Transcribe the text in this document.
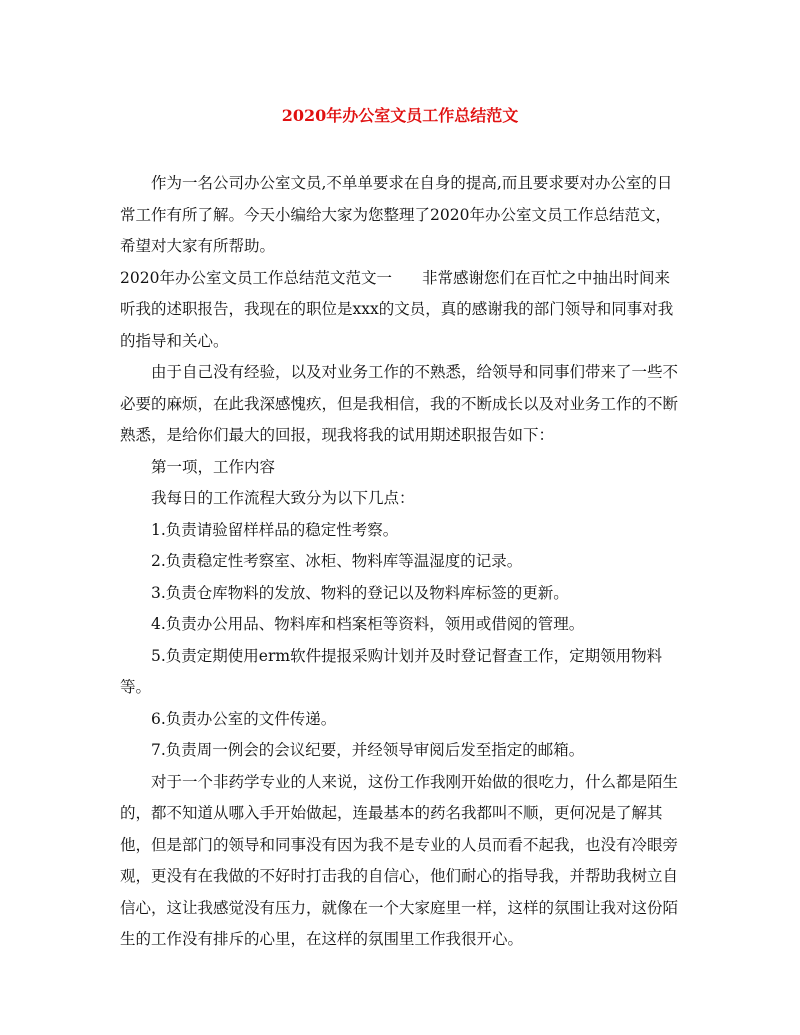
2020年办公室文员工作总结范文

作为一名公司办公室文员,不单单要求在自身的提高,而且要求要对办公室的日常工作有所了解。今天小编给大家为您整理了2020年办公室文员工作总结范文，希望对大家有所帮助。

2020年办公室文员工作总结范文范文一 非常感谢您们在百忙之中抽出时间来听我的述职报告，我现在的职位是xxx的文员，真的感谢我的部门领导和同事对我的指导和关心。

由于自己没有经验，以及对业务工作的不熟悉，给领导和同事们带来了一些不必要的麻烦，在此我深感愧疚，但是我相信，我的不断成长以及对业务工作的不断熟悉，是给你们最大的回报，现我将我的试用期述职报告如下：

第一项，工作内容

我每日的工作流程大致分为以下几点：

1.负责请验留样样品的稳定性考察。

2.负责稳定性考察室、冰柜、物料库等温湿度的记录。

3.负责仓库物料的发放、物料的登记以及物料库标签的更新。

4.负责办公用品、物料库和档案柜等资料，领用或借阅的管理。

5.负责定期使用erm软件提报采购计划并及时登记督查工作，定期领用物料等。

6.负责办公室的文件传递。

7.负责周一例会的会议纪要，并经领导审阅后发至指定的邮箱。

对于一个非药学专业的人来说，这份工作我刚开始做的很吃力，什么都是陌生的，都不知道从哪入手开始做起，连最基本的药名我都叫不顺，更何况是了解其他，但是部门的领导和同事没有因为我不是专业的人员而看不起我，也没有冷眼旁观，更没有在我做的不好时打击我的自信心，他们耐心的指导我，并帮助我树立自信心，这让我感觉没有压力，就像在一个大家庭里一样，这样的氛围让我对这份陌生的工作没有排斥的心里，在这样的氛围里工作我很开心。
